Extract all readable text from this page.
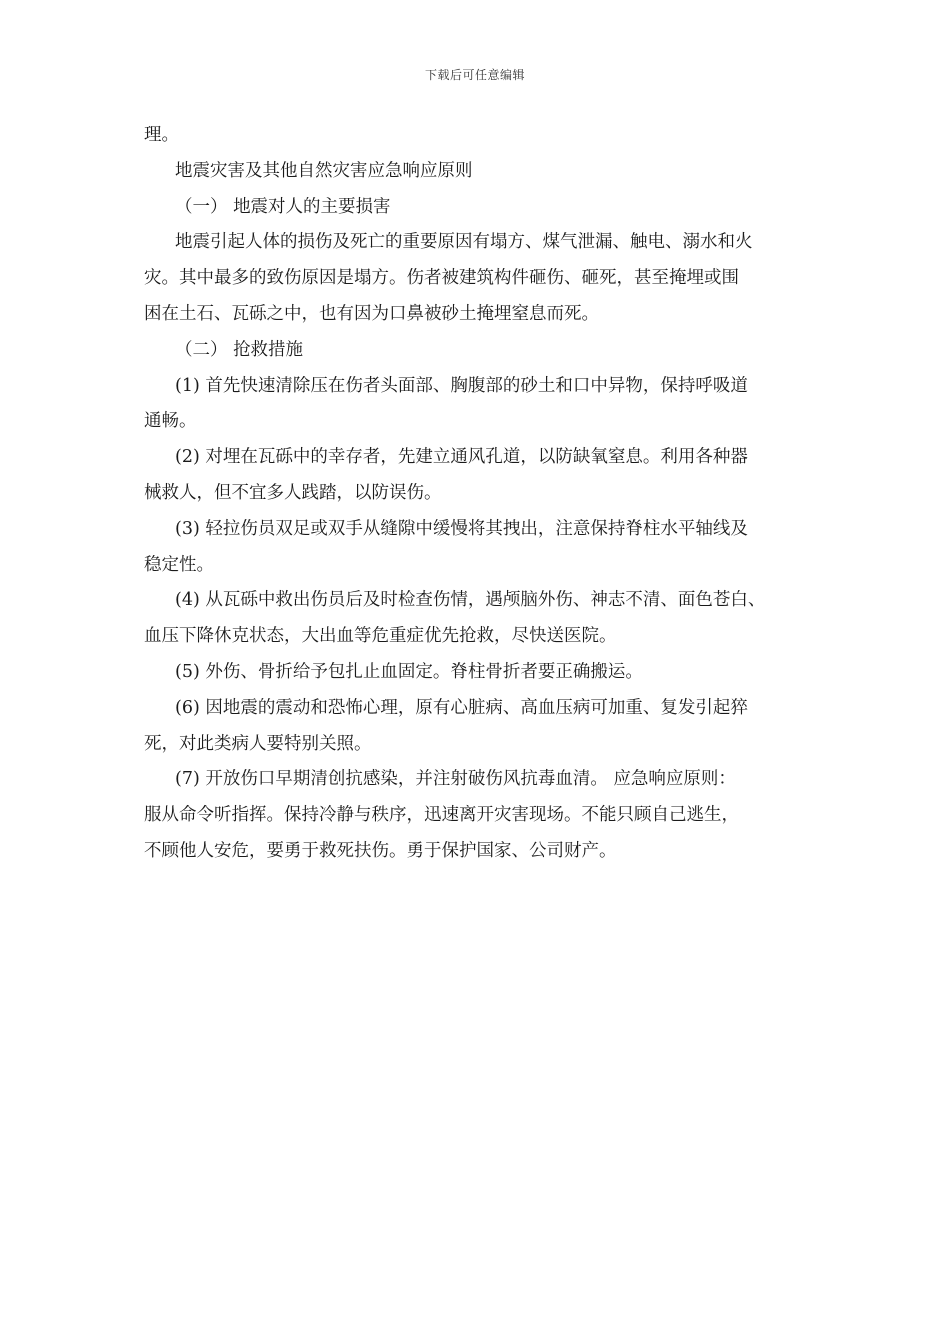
下载后可任意编辑
理。
地震灾害及其他自然灾害应急响应原则
（一） 地震对人的主要损害
地震引起人体的损伤及死亡的重要原因有塌方、煤气泄漏、触电、溺水和火
灾。其中最多的致伤原因是塌方。伤者被建筑构件砸伤、砸死，甚至掩埋或围
困在土石、瓦砾之中，也有因为口鼻被砂土掩埋窒息而死。
（二） 抢救措施
(1) 首先快速清除压在伤者头面部、胸腹部的砂土和口中异物，保持呼吸道
通畅。
(2) 对埋在瓦砾中的幸存者，先建立通风孔道，以防缺氧窒息。利用各种器
械救人，但不宜多人践踏，以防误伤。
(3) 轻拉伤员双足或双手从缝隙中缓慢将其拽出，注意保持脊柱水平轴线及
稳定性。
(4) 从瓦砾中救出伤员后及时检查伤情，遇颅脑外伤、神志不清、面色苍白、
血压下降休克状态，大出血等危重症优先抢救，尽快送医院。
(5) 外伤、骨折给予包扎止血固定。脊柱骨折者要正确搬运。
(6) 因地震的震动和恐怖心理，原有心脏病、高血压病可加重、复发引起猝
死，对此类病人要特别关照。
(7) 开放伤口早期清创抗感染，并注射破伤风抗毒血清。 应急响应原则：
服从命令听指挥。保持冷静与秩序，迅速离开灾害现场。不能只顾自己逃生，
不顾他人安危，要勇于救死扶伤。勇于保护国家、公司财产。
